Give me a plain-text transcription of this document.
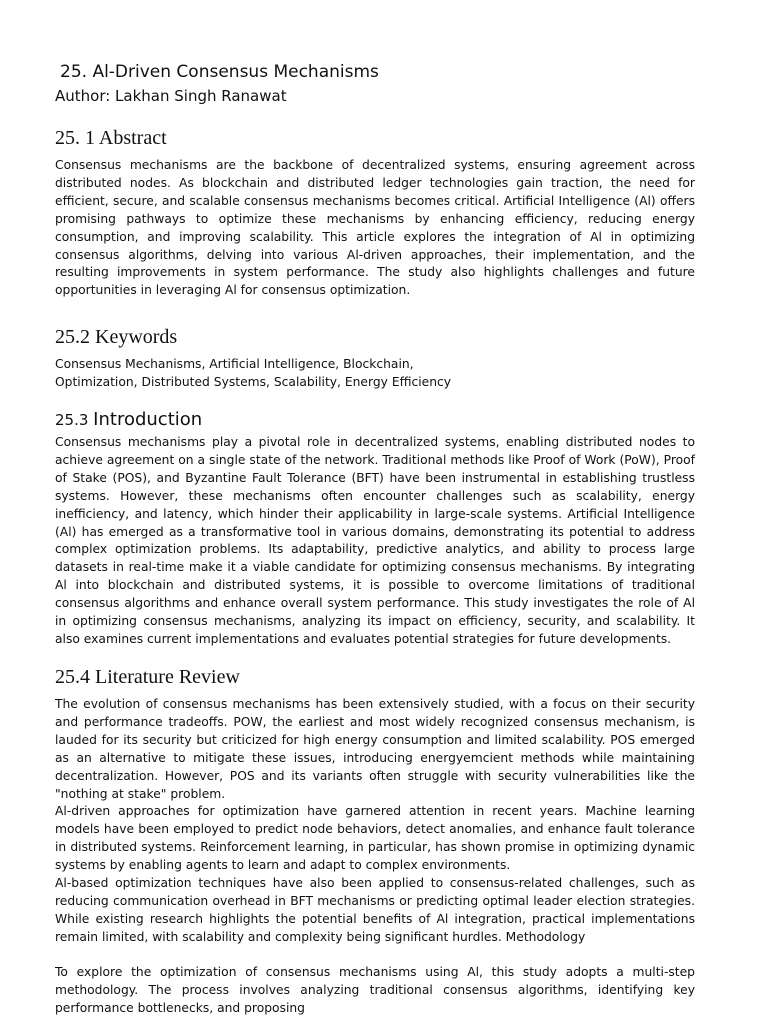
25. Al-Driven Consensus Mechanisms
Author: Lakhan Singh Ranawat
25. 1 Abstract
Consensus mechanisms are the backbone of decentralized systems, ensuring agreement across distributed nodes. As blockchain and distributed ledger technologies gain traction, the need for efficient, secure, and scalable consensus mechanisms becomes critical. Artificial Intelligence (Al) offers promising pathways to optimize these mechanisms by enhancing efficiency, reducing energy consumption, and improving scalability. This article explores the integration of Al in optimizing consensus algorithms, delving into various Al-driven approaches, their implementation, and the resulting improvements in system performance. The study also highlights challenges and future opportunities in leveraging Al for consensus optimization.
25.2 Keywords
Consensus Mechanisms, Artificial Intelligence, Blockchain,
Optimization, Distributed Systems, Scalability, Energy Efficiency
25.3 Introduction
Consensus mechanisms play a pivotal role in decentralized systems, enabling distributed nodes to achieve agreement on a single state of the network. Traditional methods like Proof of Work (PoW), Proof of Stake (POS), and Byzantine Fault Tolerance (BFT) have been instrumental in establishing trustless systems. However, these mechanisms often encounter challenges such as scalability, energy inefficiency, and latency, which hinder their applicability in large-scale systems. Artificial Intelligence (Al) has emerged as a transformative tool in various domains, demonstrating its potential to address complex optimization problems. Its adaptability, predictive analytics, and ability to process large datasets in real-time make it a viable candidate for optimizing consensus mechanisms. By integrating Al into blockchain and distributed systems, it is possible to overcome limitations of traditional consensus algorithms and enhance overall system performance. This study investigates the role of Al in optimizing consensus mechanisms, analyzing its impact on efficiency, security, and scalability. It also examines current implementations and evaluates potential strategies for future developments.
25.4 Literature Review
The evolution of consensus mechanisms has been extensively studied, with a focus on their security and performance tradeoffs. POW, the earliest and most widely recognized consensus mechanism, is lauded for its security but criticized for high energy consumption and limited scalability. POS emerged as an alternative to mitigate these issues, introducing energyemcient methods while maintaining decentralization. However, POS and its variants often struggle with security vulnerabilities like the "nothing at stake" problem.
Al-driven approaches for optimization have garnered attention in recent years. Machine learning models have been employed to predict node behaviors, detect anomalies, and enhance fault tolerance in distributed systems. Reinforcement learning, in particular, has shown promise in optimizing dynamic systems by enabling agents to learn and adapt to complex environments.
Al-based optimization techniques have also been applied to consensus-related challenges, such as reducing communication overhead in BFT mechanisms or predicting optimal leader election strategies. While existing research highlights the potential benefits of Al integration, practical implementations remain limited, with scalability and complexity being significant hurdles. Methodology
To explore the optimization of consensus mechanisms using Al, this study adopts a multi-step methodology. The process involves analyzing traditional consensus algorithms, identifying key performance bottlenecks, and proposing
